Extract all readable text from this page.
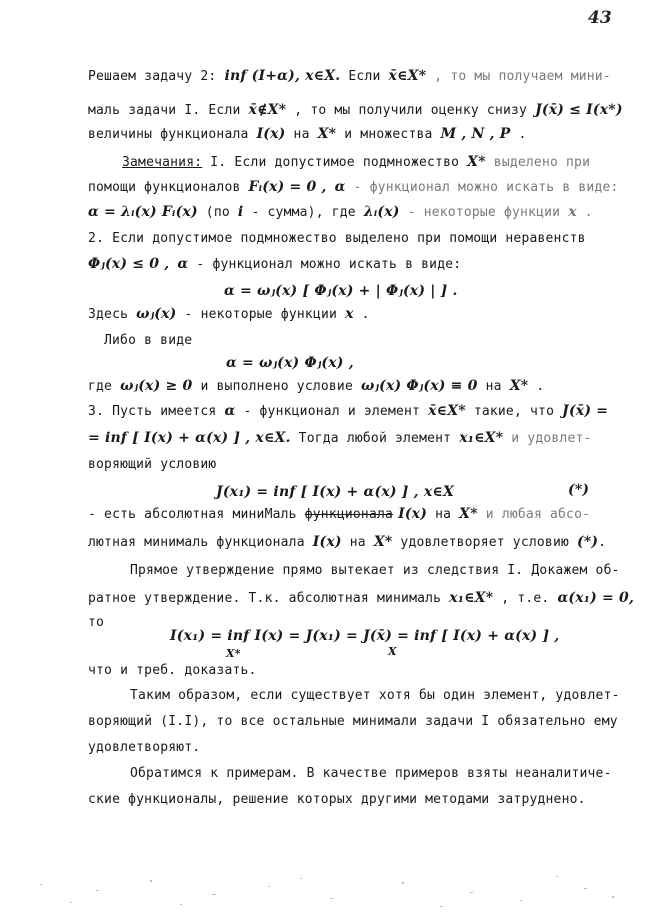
43
Решаем задачу 2: inf (I+α), x∈X. Если x̄∈X* , то мы получаем мини-
маль задачи I. Если x̄∉X* , то мы получили оценку снизу J(x̄) ≤ I(x*)
величины функционала I(x) на X* и множества M , N , P .
Замечания: I. Если допустимое подмножество X* выделено при
помощи функционалов Fᵢ(x) = 0 , α - функционал можно искать в виде:
α = λᵢ(x) Fᵢ(x) (по i - сумма), где λᵢ(x) - некоторые функции x .
2. Если допустимое подмножество выделено при помощи неравенств
Φⱼ(x) ≤ 0 , α - функционал можно искать в виде:
α = ωⱼ(x) [ Φⱼ(x) + | Φⱼ(x) | ] .
Здесь ωⱼ(x) - некоторые функции x .
Либо в виде
α = ωⱼ(x) Φⱼ(x) ,
где ωⱼ(x) ≥ 0 и выполнено условие ωⱼ(x) Φⱼ(x) ≡ 0 на X* .
3. Пусть имеется α - функционал и элемент x̄∈X* такие, что J(x̄) =
= inf [ I(x) + α(x) ] , x∈X. Тогда любой элемент x₁∈X* и удовлет-
воряющий условию
J(x₁) = inf [ I(x) + α(x) ] , x∈X	(*)
- есть абсолютная миниМаль функционала I(x) на X* и любая абсо-
лютная минималь функционала I(x) на X* удовлетворяет условию (*).
Прямое утверждение прямо вытекает из следствия I. Докажем об-
ратное утверждение. Т.к. абсолютная минималь x₁∈X* , т.е. α(x₁) = 0,
то
I(x₁) = inf I(x) = J(x₁) = J(x̄) = inf [ I(x) + α(x) ] ,
X*	X
что и треб. доказать.
Таким образом, если существует хотя бы один элемент, удовлет-
воряющий (I.I), то все остальные минимали задачи I обязательно ему
удовлетворяют.
Обратимся к примерам. В качестве примеров взяты неаналитиче-
ские функционалы, решение которых другими методами затруднено.
